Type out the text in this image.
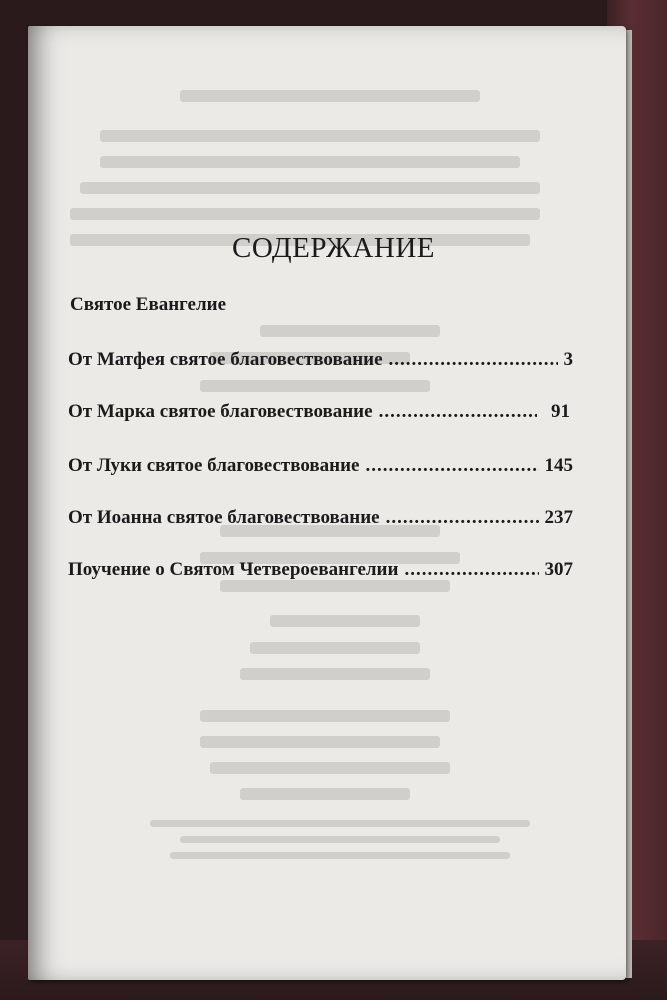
СОДЕРЖАНИЕ
Святое Евангелие
От Матфея святое благовествование .....	3
От Марка святое благовествование .....	91
От Луки святое благовествование .....	145
От Иоанна святое благовествование .....	237
Поучение о Святом Четвероевангелии .....	307
